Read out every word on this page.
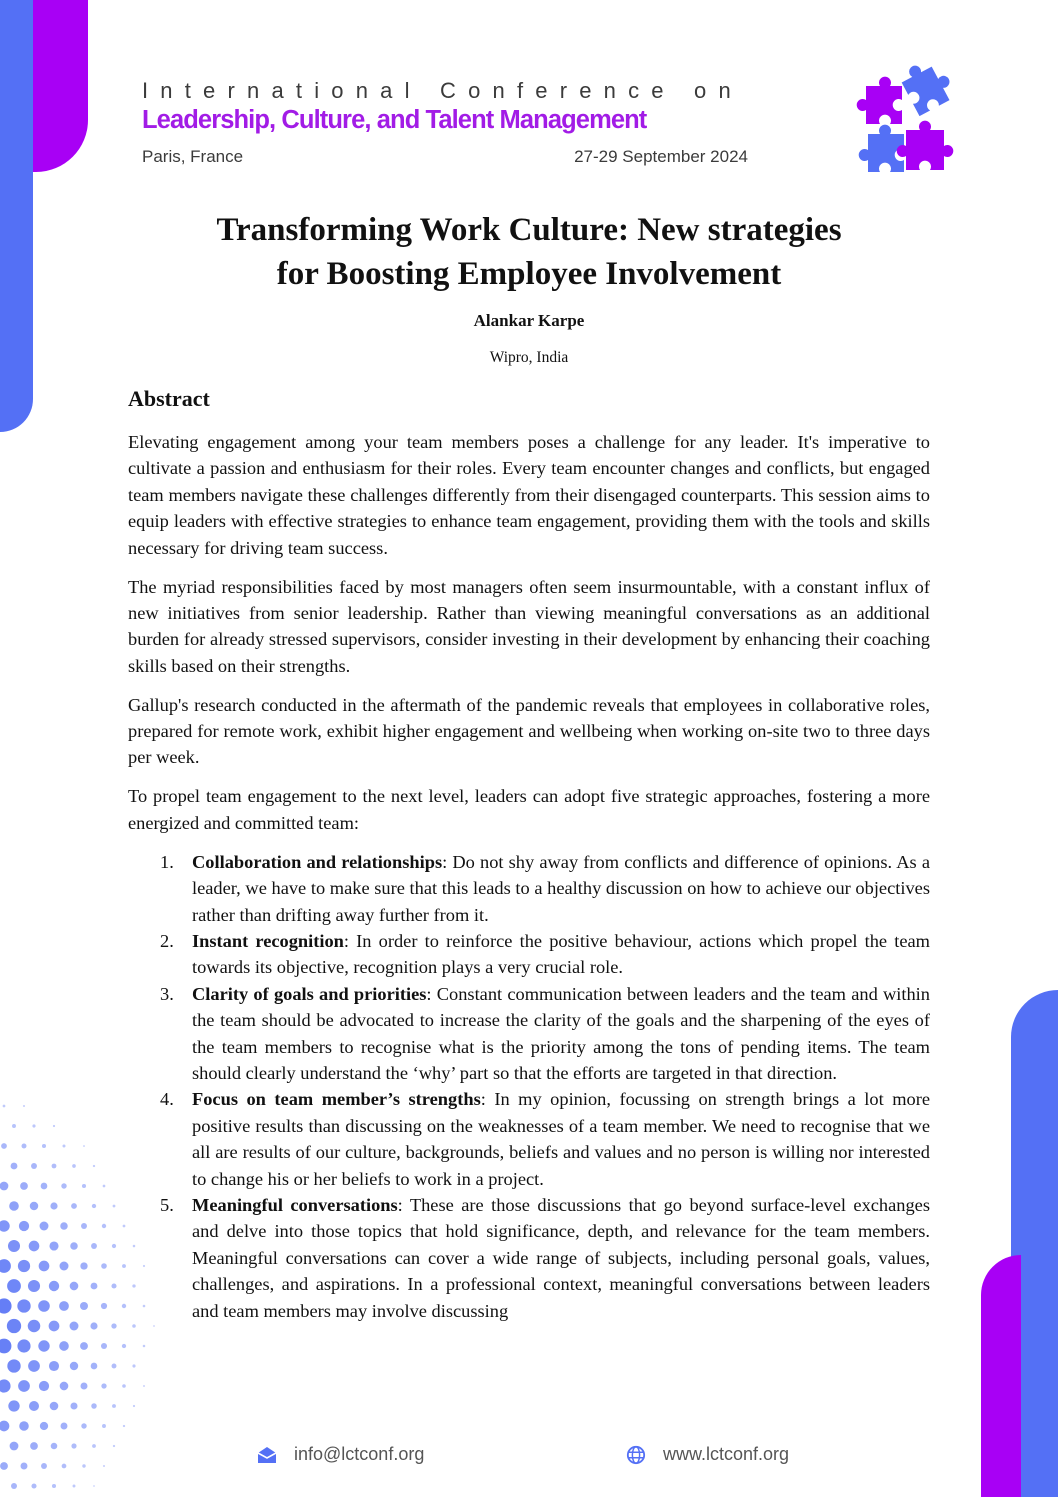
International Conference on
Leadership, Culture, and Talent Management
Paris, France	27-29 September 2024
Transforming Work Culture: New strategies
for Boosting Employee Involvement
Alankar Karpe
Wipro, India
Abstract

Elevating engagement among your team members poses a challenge for any leader. It's imperative to cultivate a passion and enthusiasm for their roles. Every team encounter changes and conflicts, but engaged team members navigate these challenges differently from their disengaged counterparts. This session aims to equip leaders with effective strategies to enhance team engagement, providing them with the tools and skills necessary for driving team success.

The myriad responsibilities faced by most managers often seem insurmountable, with a constant influx of new initiatives from senior leadership. Rather than viewing meaningful conversations as an additional burden for already stressed supervisors, consider investing in their development by enhancing their coaching skills based on their strengths.

Gallup's research conducted in the aftermath of the pandemic reveals that employees in collaborative roles, prepared for remote work, exhibit higher engagement and wellbeing when working on-site two to three days per week.

To propel team engagement to the next level, leaders can adopt five strategic approaches, fostering a more energized and committed team:

1. Collaboration and relationships: Do not shy away from conflicts and difference of opinions. As a leader, we have to make sure that this leads to a healthy discussion on how to achieve our objectives rather than drifting away further from it.
2. Instant recognition: In order to reinforce the positive behaviour, actions which propel the team towards its objective, recognition plays a very crucial role.
3. Clarity of goals and priorities: Constant communication between leaders and the team and within the team should be advocated to increase the clarity of the goals and the sharpening of the eyes of the team members to recognise what is the priority among the tons of pending items. The team should clearly understand the ‘why’ part so that the efforts are targeted in that direction.
4. Focus on team member’s strengths: In my opinion, focussing on strength brings a lot more positive results than discussing on the weaknesses of a team member. We need to recognise that we all are results of our culture, backgrounds, beliefs and values and no person is willing nor interested to change his or her beliefs to work in a project.
5. Meaningful conversations: These are those discussions that go beyond surface-level exchanges and delve into those topics that hold significance, depth, and relevance for the team members. Meaningful conversations can cover a wide range of subjects, including personal goals, values, challenges, and aspirations. In a professional context, meaningful conversations between leaders and team members may involve discussing
info@lctconf.org	www.lctconf.org
